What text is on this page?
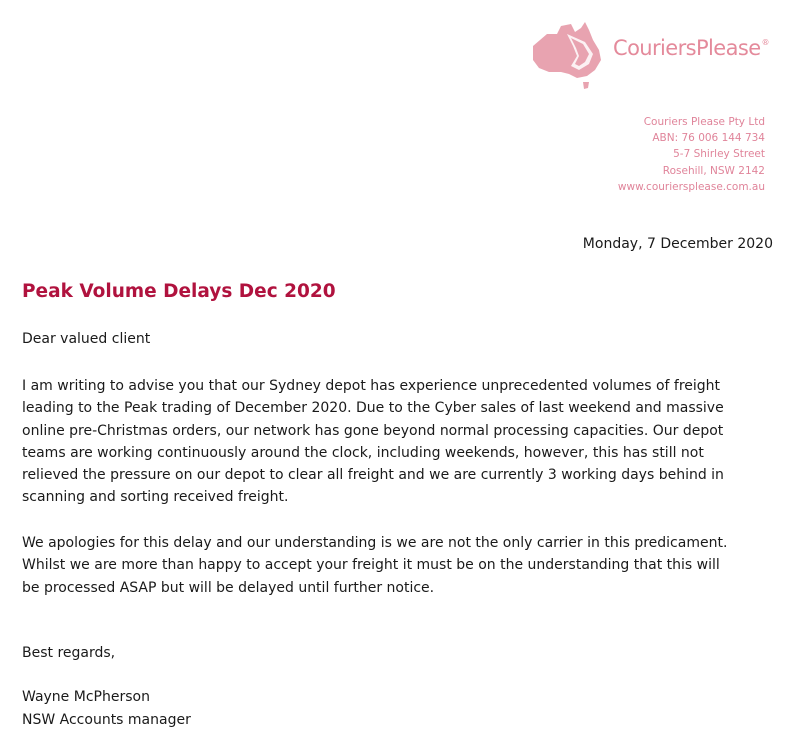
CouriersPlease®
Couriers Please Pty Ltd
ABN: 76 006 144 734
5-7 Shirley Street
Rosehill, NSW 2142
www.couriersplease.com.au
Monday, 7 December 2020
Peak Volume Delays Dec 2020
Dear valued client
I am writing to advise you that our Sydney depot has experience unprecedented volumes of freight
leading to the Peak trading of December 2020. Due to the Cyber sales of last weekend and massive
online pre-Christmas orders, our network has gone beyond normal processing capacities. Our depot
teams are working continuously around the clock, including weekends, however, this has still not
relieved the pressure on our depot to clear all freight and we are currently 3 working days behind in
scanning and sorting received freight.
We apologies for this delay and our understanding is we are not the only carrier in this predicament.
Whilst we are more than happy to accept your freight it must be on the understanding that this will
be processed ASAP but will be delayed until further notice.
Best regards,
Wayne McPherson
NSW Accounts manager
